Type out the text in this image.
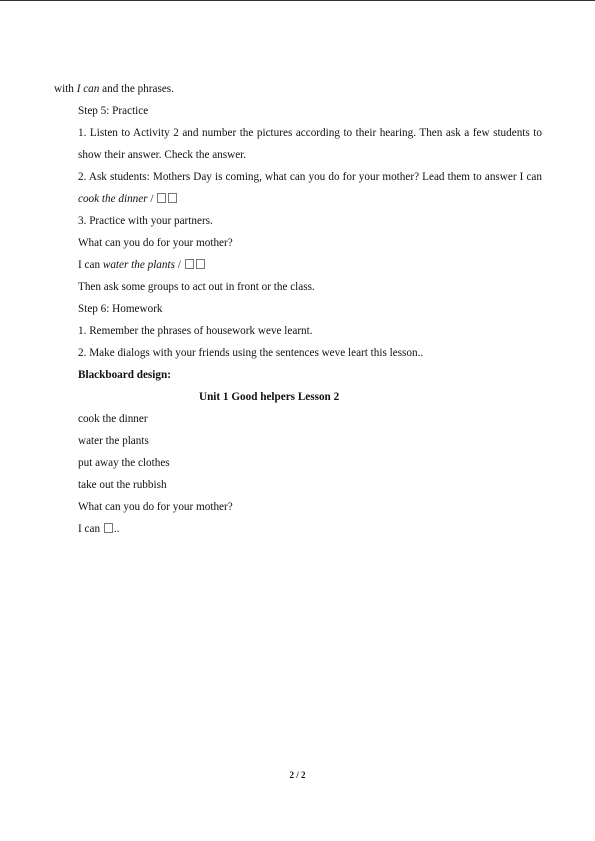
with I can and the phrases.

Step 5: Practice

1. Listen to Activity 2 and number the pictures according to their hearing. Then ask a few students to show their answer. Check the answer.

2. Ask students: Mothers Day is coming, what can you do for your mother? Lead them to answer I can cook the dinner /

3. Practice with your partners.

What can you do for your mother?

I can water the plants /

Then ask some groups to act out in front or the class.

Step 6: Homework

1. Remember the phrases of housework weve learnt.

2. Make dialogs with your friends using the sentences weve leart this lesson..

Blackboard design:

Unit 1 Good helpers Lesson 2

cook the dinner

water the plants

put away the clothes

take out the rubbish

What can you do for your mother?

I can ..

2 / 2
